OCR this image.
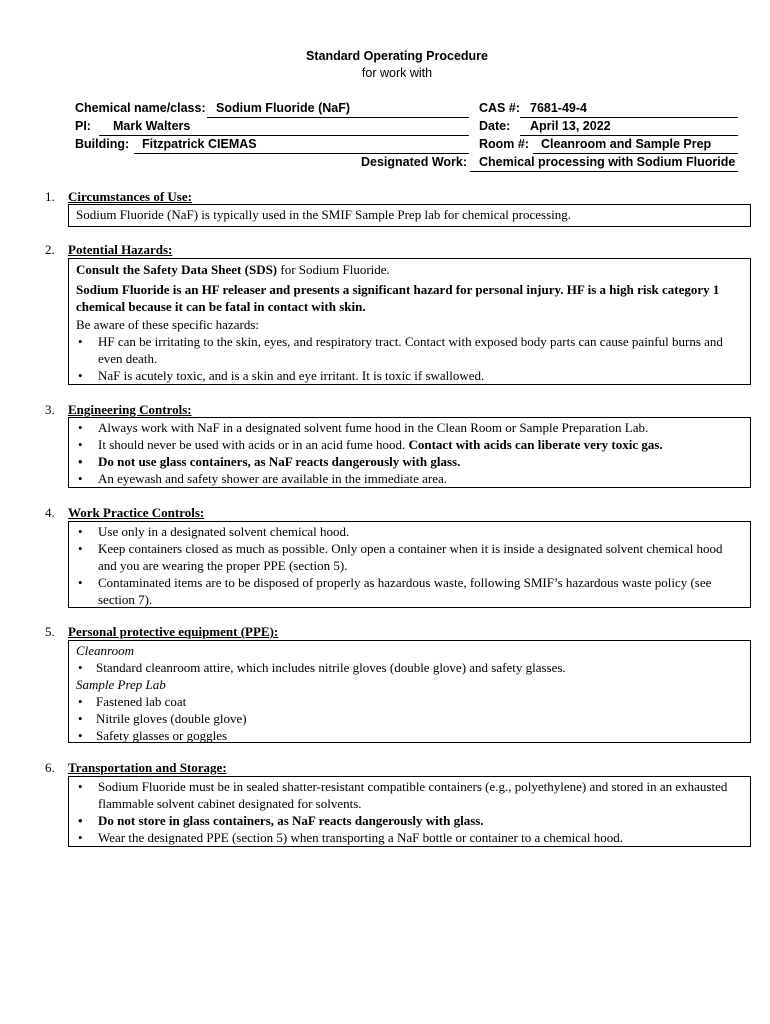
Standard Operating Procedure
for work with
Chemical name/class: Sodium Fluoride (NaF)
PI: Mark Walters
Building: Fitzpatrick CIEMAS
Designated Work:
CAS #: 7681-49-4
Date: April 13, 2022
Room #: Cleanroom and Sample Prep
Chemical processing with Sodium Fluoride
1. Circumstances of Use:

Sodium Fluoride (NaF) is typically used in the SMIF Sample Prep lab for chemical processing.

2. Potential Hazards:

Consult the Safety Data Sheet (SDS) for Sodium Fluoride.

Sodium Fluoride is an HF releaser and presents a significant hazard for personal injury. HF is a high risk category 1 chemical because it can be fatal in contact with skin.

Be aware of these specific hazards:

• HF can be irritating to the skin, eyes, and respiratory tract. Contact with exposed body parts can cause painful burns and even death.
• NaF is acutely toxic, and is a skin and eye irritant. It is toxic if swallowed.
3. Engineering Controls:
• Always work with NaF in a designated solvent fume hood in the Clean Room or Sample Preparation Lab.
• It should never be used with acids or in an acid fume hood. Contact with acids can liberate very toxic gas.
• Do not use glass containers, as NaF reacts dangerously with glass.
• An eyewash and safety shower are available in the immediate area.
4. Work Practice Controls:
• Use only in a designated solvent chemical hood.
• Keep containers closed as much as possible. Only open a container when it is inside a designated solvent chemical hood and you are wearing the proper PPE (section 5).
• Contaminated items are to be disposed of properly as hazardous waste, following SMIF’s hazardous waste policy (see section 7).
5. Personal protective equipment (PPE):

Cleanroom

• Standard cleanroom attire, which includes nitrile gloves (double glove) and safety glasses.

Sample Prep Lab

• Fastened lab coat
• Nitrile gloves (double glove)
• Safety glasses or goggles
6. Transportation and Storage:
• Sodium Fluoride must be in sealed shatter-resistant compatible containers (e.g., polyethylene) and stored in an exhausted flammable solvent cabinet designated for solvents.
• Do not store in glass containers, as NaF reacts dangerously with glass.
• Wear the designated PPE (section 5) when transporting a NaF bottle or container to a chemical hood.
